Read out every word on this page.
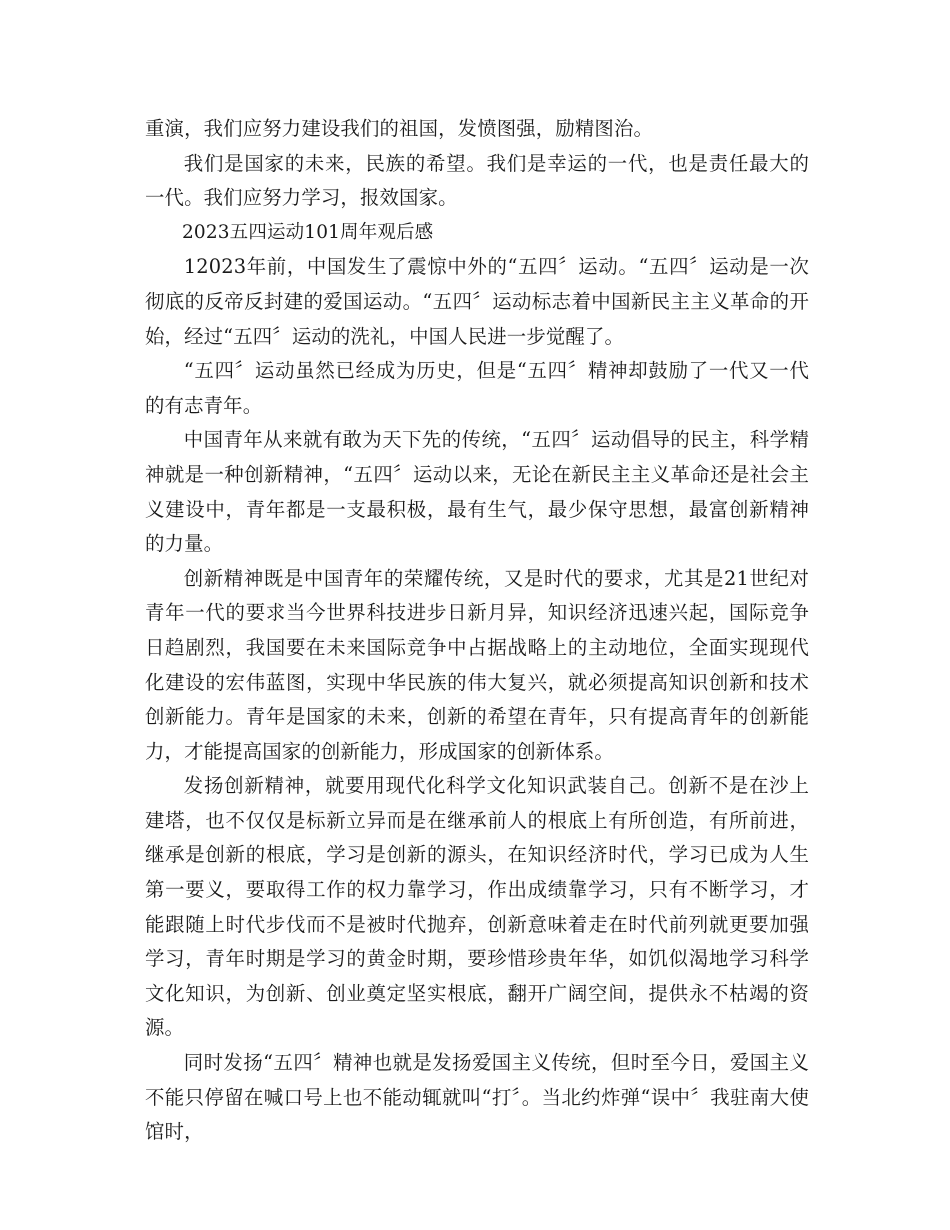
重演，我们应努力建设我们的祖国，发愤图强，励精图治。

我们是国家的未来，民族的希望。我们是幸运的一代，也是责任最大的一代。我们应努力学习，报效国家。

2023五四运动101周年观后感

12023年前，中国发生了震惊中外的“五四〞运动。“五四〞运动是一次彻底的反帝反封建的爱国运动。“五四〞运动标志着中国新民主主义革命的开始，经过“五四〞运动的洗礼，中国人民进一步觉醒了。

“五四〞运动虽然已经成为历史，但是“五四〞精神却鼓励了一代又一代的有志青年。

中国青年从来就有敢为天下先的传统，“五四〞运动倡导的民主，科学精神就是一种创新精神，“五四〞运动以来，无论在新民主主义革命还是社会主义建设中，青年都是一支最积极，最有生气，最少保守思想，最富创新精神的力量。

创新精神既是中国青年的荣耀传统，又是时代的要求，尤其是21世纪对青年一代的要求当今世界科技进步日新月异，知识经济迅速兴起，国际竞争日趋剧烈，我国要在未来国际竞争中占据战略上的主动地位，全面实现现代化建设的宏伟蓝图，实现中华民族的伟大复兴，就必须提高知识创新和技术创新能力。青年是国家的未来，创新的希望在青年，只有提高青年的创新能力，才能提高国家的创新能力，形成国家的创新体系。

发扬创新精神，就要用现代化科学文化知识武装自己。创新不是在沙上建塔，也不仅仅是标新立异而是在继承前人的根底上有所创造，有所前进，继承是创新的根底，学习是创新的源头，在知识经济时代，学习已成为人生第一要义，要取得工作的权力靠学习，作出成绩靠学习，只有不断学习，才能跟随上时代步伐而不是被时代抛弃，创新意味着走在时代前列就更要加强学习，青年时期是学习的黄金时期，要珍惜珍贵年华，如饥似渴地学习科学文化知识，为创新、创业奠定坚实根底，翻开广阔空间，提供永不枯竭的资源。

同时发扬“五四〞精神也就是发扬爱国主义传统，但时至今日，爱国主义不能只停留在喊口号上也不能动辄就叫“打〞。当北约炸弹“误中〞我驻南大使馆时，
